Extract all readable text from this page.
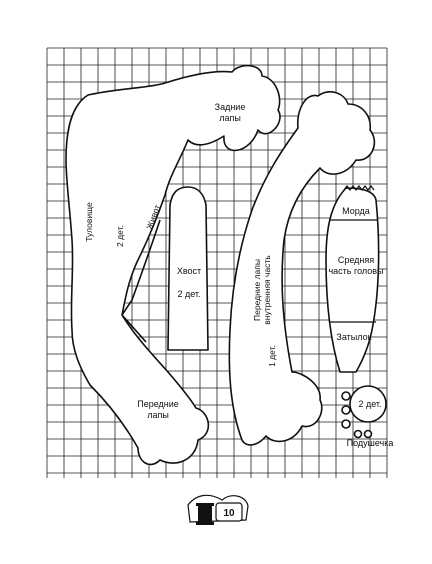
Задние
лапы
Туловище	Живот
2 дет.
Хвост
2 дет.	Передние лапы внутренняя часть
1 дет.
Морда
Средняя
часть головы
Затылок
2 дет.
Подушечка
Передние
лапы
10
